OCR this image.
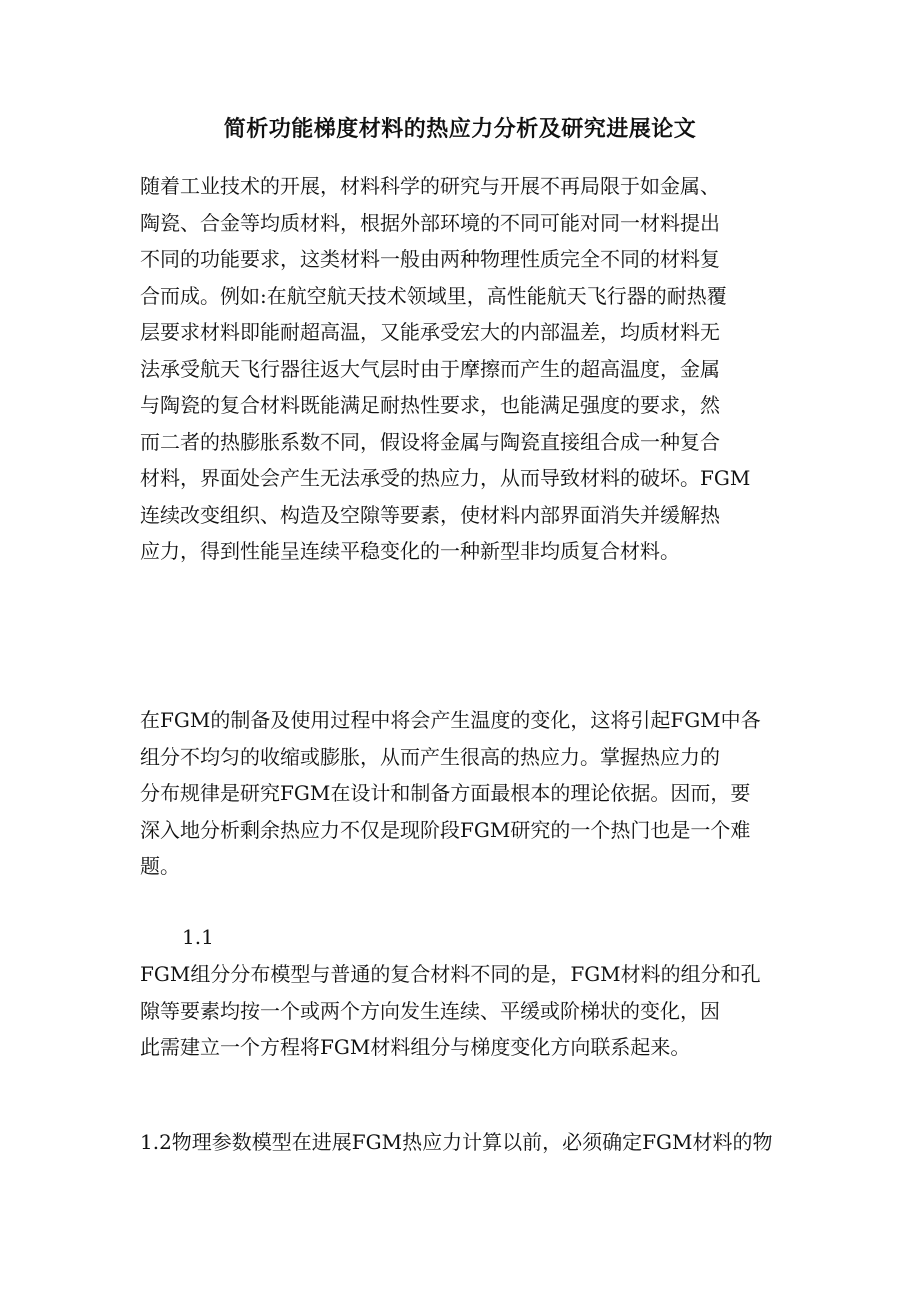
简析功能梯度材料的热应力分析及研究进展论文
随着工业技术的开展，材料科学的研究与开展不再局限于如金属、
陶瓷、合金等均质材料，根据外部环境的不同可能对同一材料提出
不同的功能要求，这类材料一般由两种物理性质完全不同的材料复
合而成。例如:在航空航天技术领域里，高性能航天飞行器的耐热覆
层要求材料即能耐超高温，又能承受宏大的内部温差，均质材料无
法承受航天飞行器往返大气层时由于摩擦而产生的超高温度，金属
与陶瓷的复合材料既能满足耐热性要求，也能满足强度的要求，然
而二者的热膨胀系数不同，假设将金属与陶瓷直接组合成一种复合
材料，界面处会产生无法承受的热应力，从而导致材料的破坏。FGM
连续改变组织、构造及空隙等要素，使材料内部界面消失并缓解热
应力，得到性能呈连续平稳变化的一种新型非均质复合材料。
在FGM的制备及使用过程中将会产生温度的变化，这将引起FGM中各
组分不均匀的收缩或膨胀，从而产生很高的热应力。掌握热应力的
分布规律是研究FGM在设计和制备方面最根本的理论依据。因而，要
深入地分析剩余热应力不仅是现阶段FGM研究的一个热门也是一个难
题。
1.1
FGM组分分布模型与普通的复合材料不同的是，FGM材料的组分和孔
隙等要素均按一个或两个方向发生连续、平缓或阶梯状的变化，因
此需建立一个方程将FGM材料组分与梯度变化方向联系起来。
1.2物理参数模型在进展FGM热应力计算以前，必须确定FGM材料的物
